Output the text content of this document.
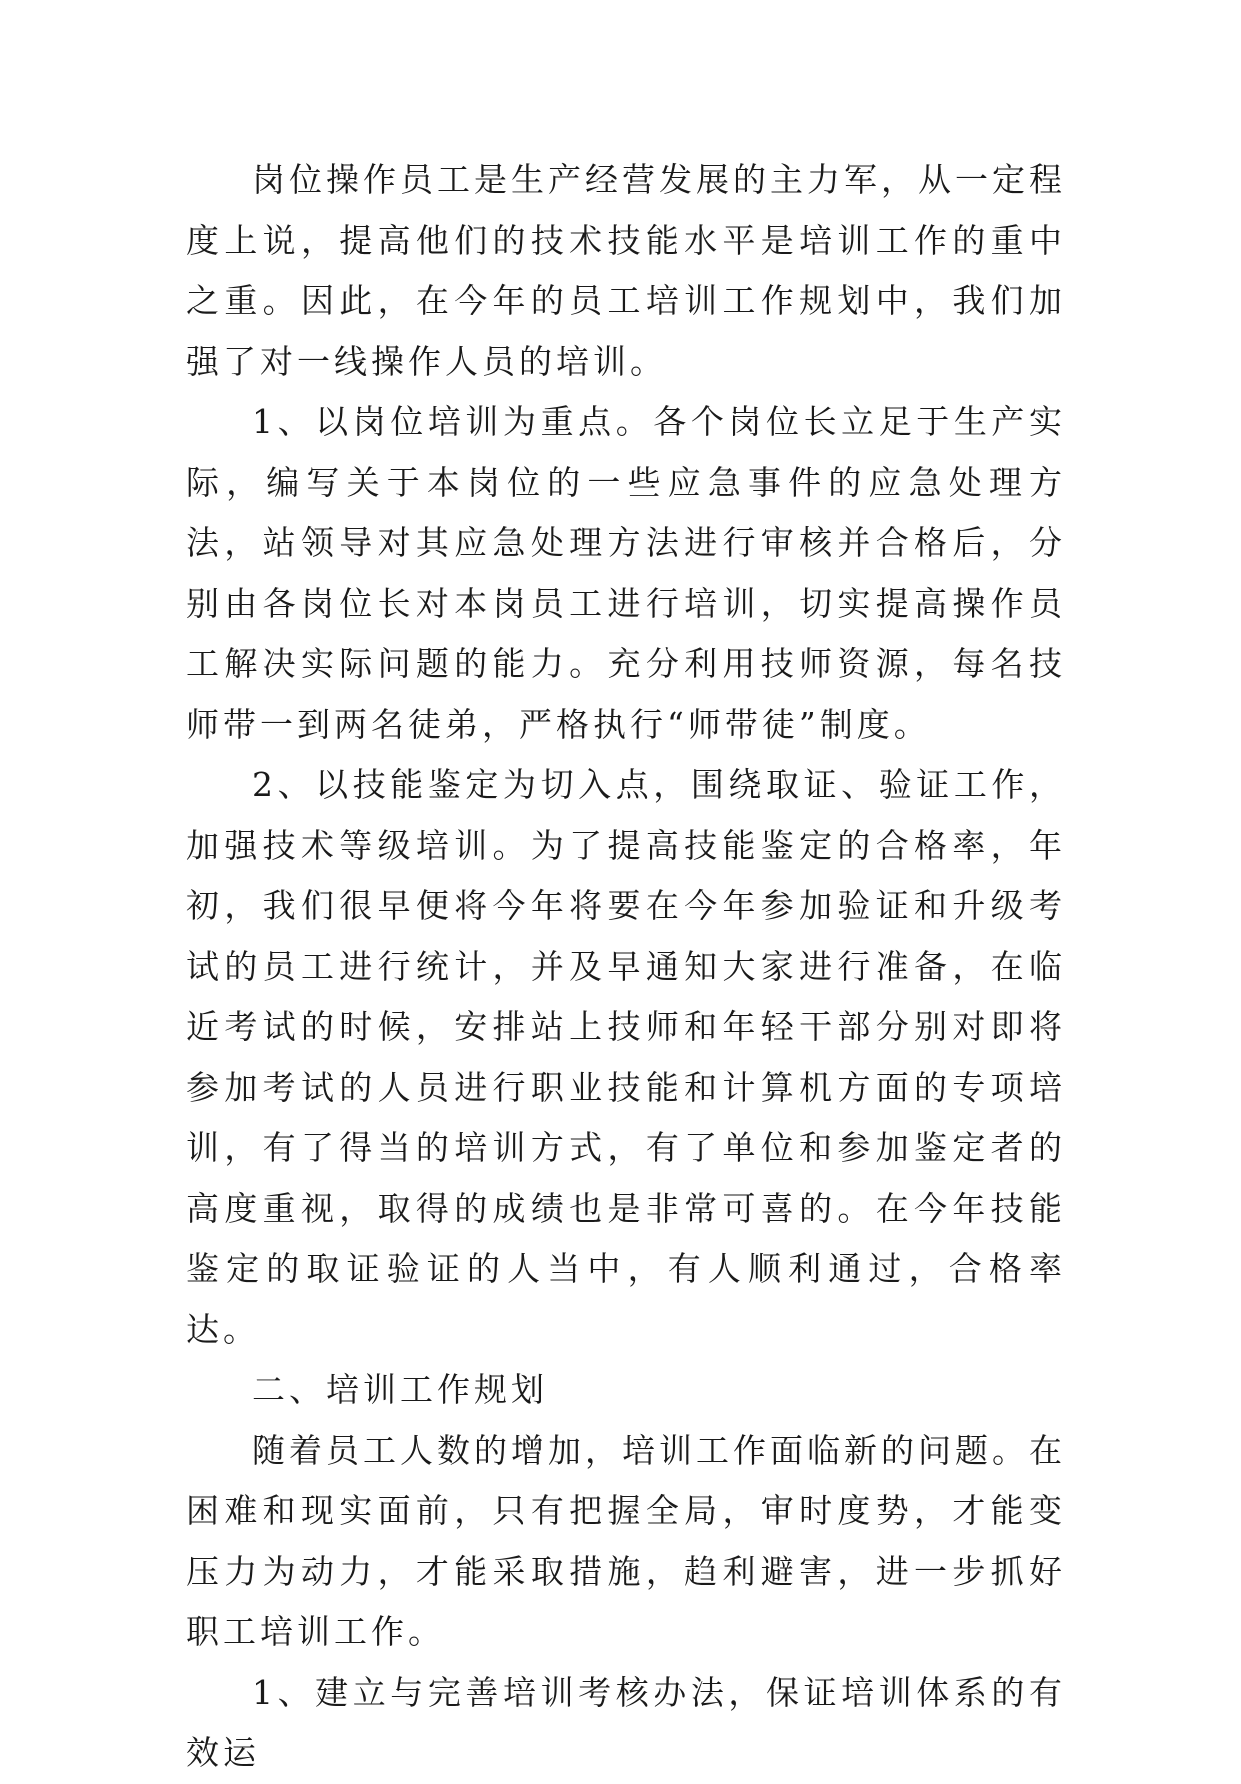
岗位操作员工是生产经营发展的主力军，从一定程度上说，提高他们的技术技能水平是培训工作的重中之重。因此，在今年的员工培训工作规划中，我们加强了对一线操作人员的培训。

1、以岗位培训为重点。各个岗位长立足于生产实际，编写关于本岗位的一些应急事件的应急处理方法，站领导对其应急处理方法进行审核并合格后，分别由各岗位长对本岗员工进行培训，切实提高操作员工解决实际问题的能力。充分利用技师资源，每名技师带一到两名徒弟，严格执行“师带徒”制度。

2、以技能鉴定为切入点，围绕取证、验证工作，加强技术等级培训。为了提高技能鉴定的合格率，年初，我们很早便将今年将要在今年参加验证和升级考试的员工进行统计，并及早通知大家进行准备，在临近考试的时候，安排站上技师和年轻干部分别对即将参加考试的人员进行职业技能和计算机方面的专项培训，有了得当的培训方式，有了单位和参加鉴定者的高度重视，取得的成绩也是非常可喜的。在今年技能鉴定的取证验证的人当中，有人顺利通过，合格率达。

二、培训工作规划

随着员工人数的增加，培训工作面临新的问题。在困难和现实面前，只有把握全局，审时度势，才能变压力为动力，才能采取措施，趋利避害，进一步抓好职工培训工作。

1、建立与完善培训考核办法，保证培训体系的有效运
